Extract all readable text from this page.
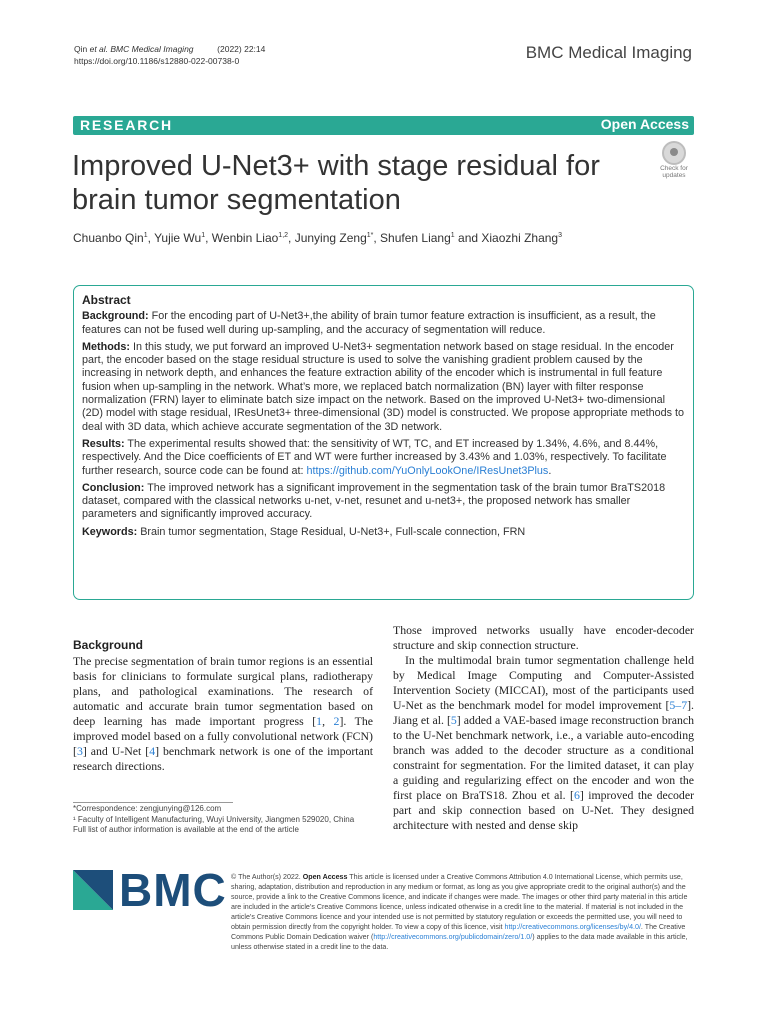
Qin et al. BMC Medical Imaging	(2022) 22:14
https://doi.org/10.1186/s12880-022-00738-0	BMC Medical Imaging
RESEARCH	Open Access
Improved U-Net3+ with stage residual for brain tumor segmentation
Check for updates
Chuanbo Qin$^1$, Yujie Wu$^1$, Wenbin Liao$^{1,2}$, Junying Zeng$^{1*}$, Shufen Liang$^1$ and Xiaozhi Zhang$^3$
Abstract

Background: For the encoding part of U-Net3+,the ability of brain tumor feature extraction is insufficient, as a result, the features can not be fused well during up-sampling, and the accuracy of segmentation will reduce.

Methods: In this study, we put forward an improved U-Net3+ segmentation network based on stage residual. In the encoder part, the encoder based on the stage residual structure is used to solve the vanishing gradient problem caused by the increasing in network depth, and enhances the feature extraction ability of the encoder which is instrumental in full feature fusion when up-sampling in the network. What’s more, we replaced batch normalization (BN) layer with filter response normalization (FRN) layer to eliminate batch size impact on the network. Based on the improved U-Net3+ two-dimensional (2D) model with stage residual, IResUnet3+ three-dimensional (3D) model is constructed. We propose appropriate methods to deal with 3D data, which achieve accurate segmentation of the 3D network.

Results: The experimental results showed that: the sensitivity of WT, TC, and ET increased by 1.34%, 4.6%, and 8.44%, respectively. And the Dice coefficients of ET and WT were further increased by 3.43% and 1.03%, respectively. To facilitate further research, source code can be found at: https://github.com/YuOnlyLookOne/IResUnet3Plus.

Conclusion: The improved network has a significant improvement in the segmentation task of the brain tumor BraTS2018 dataset, compared with the classical networks u-net, v-net, resunet and u-net3+, the proposed network has smaller parameters and significantly improved accuracy.

Keywords: Brain tumor segmentation, Stage Residual, U-Net3+, Full-scale connection, FRN

Background

The precise segmentation of brain tumor regions is an essential basis for clinicians to formulate surgical plans, radiotherapy plans, and pathological examinations. The research of automatic and accurate brain tumor segmentation based on deep learning has made important progress [1, 2]. The improved model based on a fully convolutional network (FCN) [3] and U-Net [4] benchmark network is one of the important research directions.

Those improved networks usually have encoder-decoder structure and skip connection structure.

In the multimodal brain tumor segmentation challenge held by Medical Image Computing and Computer-Assisted Intervention Society (MICCAI), most of the participants used U-Net as the benchmark model for model improvement [5–7]. Jiang et al. [5] added a VAE-based image reconstruction branch to the U-Net benchmark network, i.e., a variable auto-encoding branch was added to the decoder structure as a conditional constraint for segmentation. For the limited dataset, it can play a guiding and regularizing effect on the encoder and won the first place on BraTS18. Zhou et al. [6] improved the decoder part and skip connection based on U-Net. They designed architecture with nested and dense skip

*Correspondence: zengjunying@126.com
¹ Faculty of Intelligent Manufacturing, Wuyi University, Jiangmen 529020, China
Full list of author information is available at the end of the article
BMC © The Author(s) 2022. Open Access This article is licensed under a Creative Commons Attribution 4.0 International License, which permits use, sharing, adaptation, distribution and reproduction in any medium or format, as long as you give appropriate credit to the original author(s) and the source, provide a link to the Creative Commons licence, and indicate if changes were made. The images or other third party material in this article are included in the article’s Creative Commons licence, unless indicated otherwise in a credit line to the material. If material is not included in the article’s Creative Commons licence and your intended use is not permitted by statutory regulation or exceeds the permitted use, you will need to obtain permission directly from the copyright holder. To view a copy of this licence, visit http://creativecommons.org/licenses/by/4.0/. The Creative Commons Public Domain Dedication waiver (http://creativecommons.org/publicdomain/zero/1.0/) applies to the data made available in this article, unless otherwise stated in a credit line to the data.
